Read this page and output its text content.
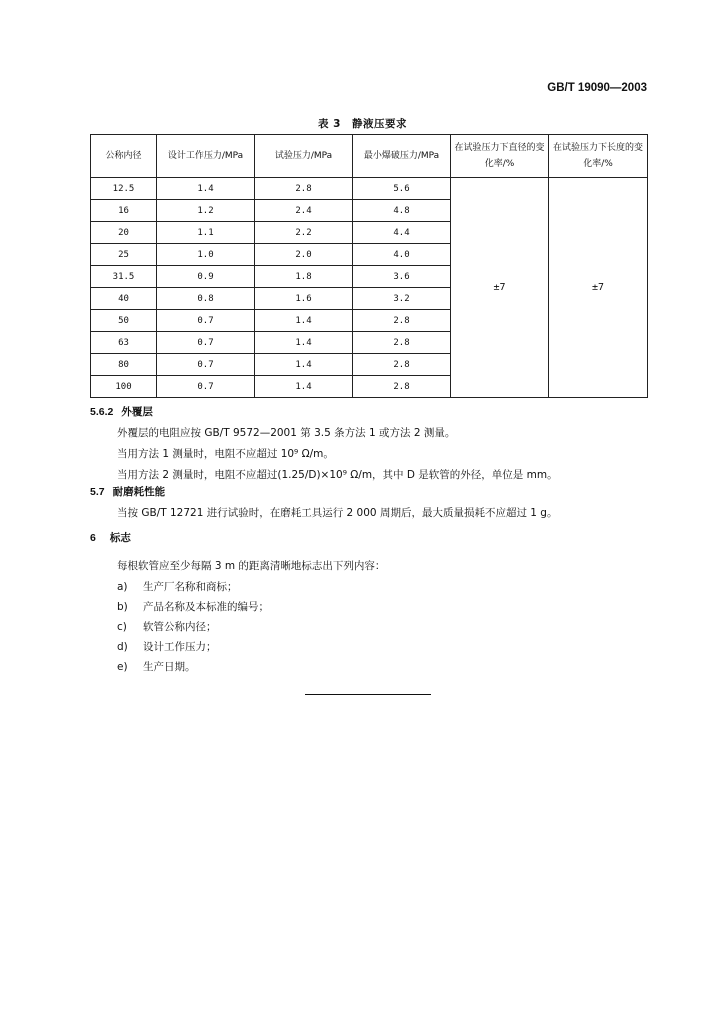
GB/T 19090—2003
表 3　静液压要求
公称内径	设计工作压力/MPa	试验压力/MPa	最小爆破压力/MPa	在试验压力下直径的变化率/%	在试验压力下长度的变化率/%
12.5	1.4	2.8	5.6	±7	±7
16	1.2	2.4	4.8		
20	1.1	2.2	4.4		
25	1.0	2.0	4.0		
31.5	0.9	1.8	3.6		
40	0.8	1.6	3.2		
50	0.7	1.4	2.8		
63	0.7	1.4	2.8		
80	0.7	1.4	2.8		
100	0.7	1.4	2.8		
5.6.2 外覆层
外覆层的电阻应按 GB/T 9572—2001 第 3.5 条方法 1 或方法 2 测量。
当用方法 1 测量时，电阻不应超过 10⁹ Ω/m。
当用方法 2 测量时，电阻不应超过(1.25/D)×10⁹ Ω/m，其中 D 是软管的外径，单位是 mm。
5.7 耐磨耗性能
当按 GB/T 12721 进行试验时，在磨耗工具运行 2 000 周期后，最大质量损耗不应超过 1 g。
6 标志
每根软管应至少每隔 3 m 的距离清晰地标志出下列内容：
a) 生产厂名称和商标；
b) 产品名称及本标准的编号；
c) 软管公称内径；
d) 设计工作压力；
e) 生产日期。
